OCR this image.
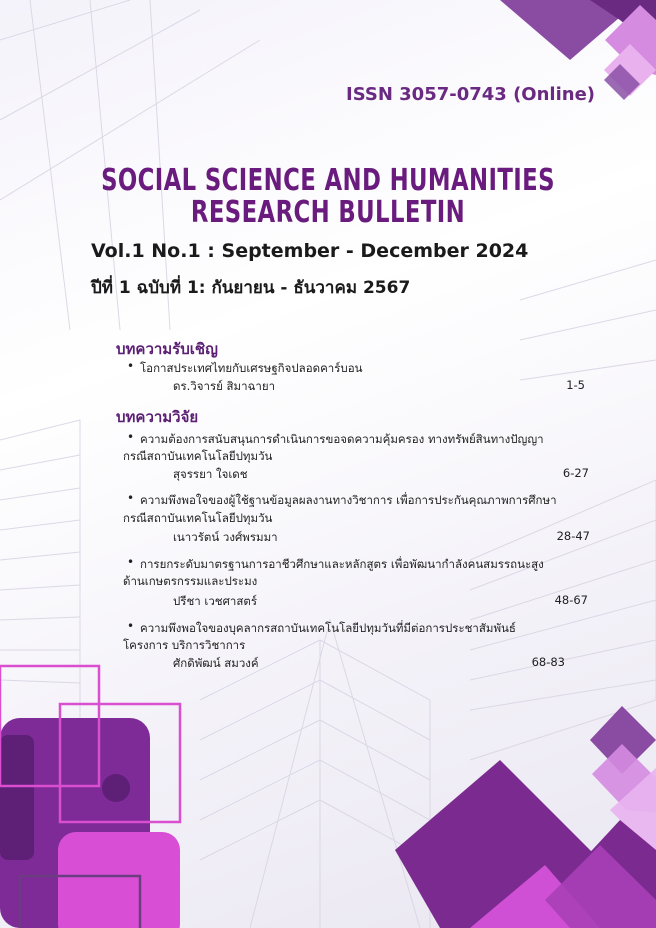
ISSN 3057-0743 (Online)
SOCIAL SCIENCE AND HUMANITIES
RESEARCH BULLETIN
Vol.1 No.1 : September - December 2024
ปีที่ 1 ฉบับที่ 1: กันยายน - ธันวาคม 2567
บทความรับเชิญ
• โอกาสประเทศไทยกับเศรษฐกิจปลอดคาร์บอน
ดร.วิจารย์ สิมาฉายา	1-5
บทความวิจัย
• ความต้องการสนับสนุนการดำเนินการขอจดความคุ้มครอง ทางทรัพย์สินทางปัญญา
กรณีสถาบันเทคโนโลยีปทุมวัน
สุจรรยา ใจเดช	6-27
• ความพึงพอใจของผู้ใช้ฐานข้อมูลผลงานทางวิชาการ เพื่อการประกันคุณภาพการศึกษา
กรณีสถาบันเทคโนโลยีปทุมวัน
เนาวรัตน์ วงศ์พรมมา	28-47
• การยกระดับมาตรฐานการอาชีวศึกษาและหลักสูตร เพื่อพัฒนากำลังคนสมรรถนะสูง
ด้านเกษตรกรรมและประมง
ปรีชา เวชศาสตร์	48-67
• ความพึงพอใจของบุคลากรสถาบันเทคโนโลยีปทุมวันที่มีต่อการประชาสัมพันธ์
โครงการ บริการวิชาการ
ศักดิพัฒน์ สมวงค์	68-83
